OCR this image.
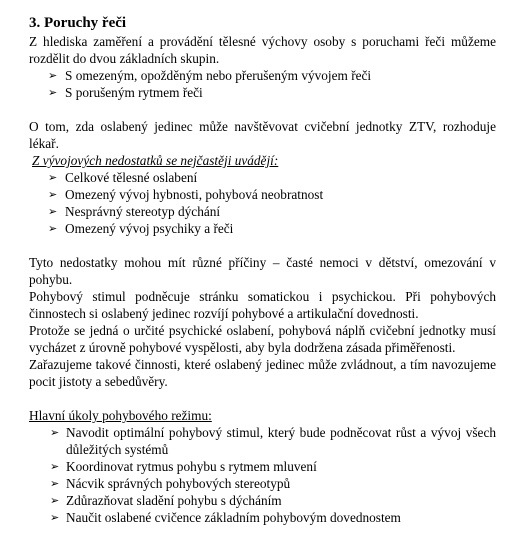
3. Poruchy řeči

Z hlediska zaměření a provádění tělesné výchovy osoby s poruchami řeči můžeme rozdělit do dvou základních skupin.

➢ S omezeným, opožděným nebo přerušeným vývojem řeči
➢ S porušeným rytmem řeči

O tom, zda oslabený jedinec může navštěvovat cvičební jednotky ZTV, rozhoduje lékař.

Z vývojových nedostatků se nejčastěji uvádějí:

➢ Celkové tělesné oslabení
➢ Omezený vývoj hybnosti, pohybová neobratnost
➢ Nesprávný stereotyp dýchání
➢ Omezený vývoj psychiky a řeči

Tyto nedostatky mohou mít různé příčiny – časté nemoci v dětství, omezování v pohybu.

Pohybový stimul podněcuje stránku somatickou i psychickou. Při pohybových činnostech si oslabený jedinec rozvíjí pohybové a artikulační dovednosti.

Protože se jedná o určité psychické oslabení, pohybová náplň cvičební jednotky musí vycházet z úrovně pohybové vyspělosti, aby byla dodržena zásada přiměřenosti.

Zařazujeme takové činnosti, které oslabený jedinec může zvládnout, a tím navozujeme pocit jistoty a sebedůvěry.

Hlavní úkoly pohybového režimu:

➢ Navodit optimální pohybový stimul, který bude podněcovat růst a vývoj všech důležitých systémů
➢ Koordinovat rytmus pohybu s rytmem mluvení
➢ Nácvik správných pohybových stereotypů
➢ Zdůrazňovat sladění pohybu s dýcháním
➢ Naučit oslabené cvičence základním pohybovým dovednostem
